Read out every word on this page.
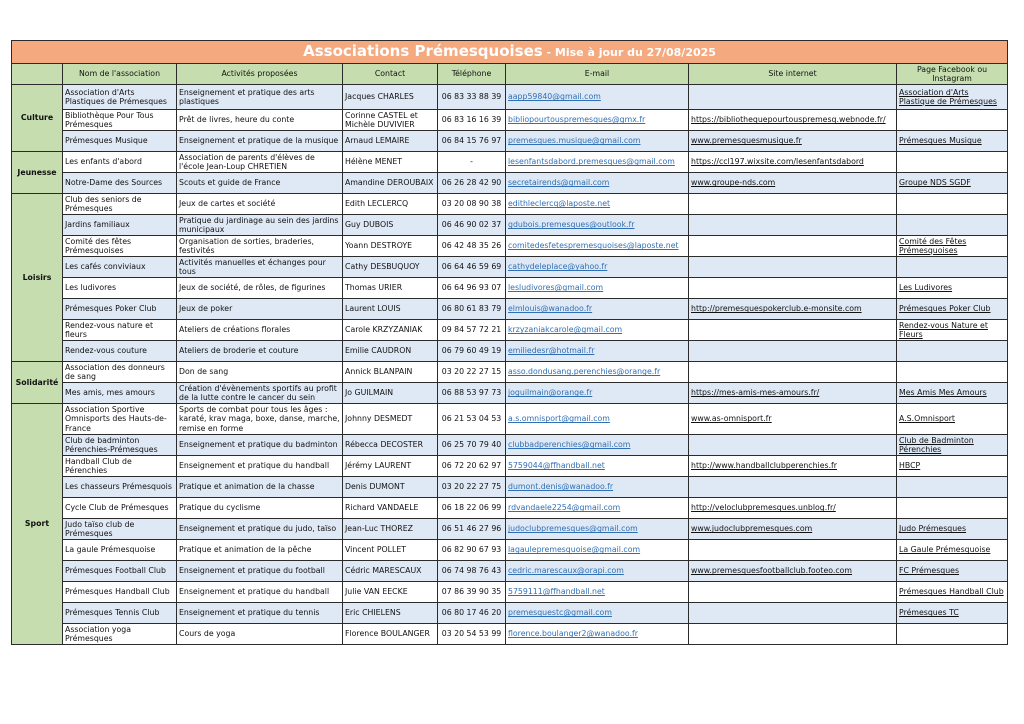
Associations Prémesquoises - Mise à jour du 27/08/2025							
	Nom de l'association	Activités proposées	Contact	Téléphone	E-mail	Site internet	Page Facebook ou Instagram
Culture	Association d'Arts Plastiques de Prémesques	Enseignement et pratique des arts plastiques	Jacques CHARLES	06 83 33 88 39	aapp59840@gmail.com		Association d'Arts Plastique de Prémesques
	Bibliothèque Pour Tous Prémesques	Prêt de livres, heure du conte	Corinne CASTEL et Michèle DUVIVIER	06 83 16 16 39	bibliopourtouspremesques@gmx.fr	https://bibliothequepourtouspremesq.webnode.fr/	
	Prémesques Musique	Enseignement et pratique de la musique	Arnaud LEMAIRE	06 84 15 76 97	premesques.musique@gmail.com	www.premesquesmusique.fr	Prémesques Musique
Jeunesse	Les enfants d'abord	Association de parents d'élèves de l'école Jean-Loup CHRETIEN	Hélène MENET	-	lesenfantsdabord.premesques@gmail.com	https://ccl197.wixsite.com/lesenfantsdabord	
	Notre-Dame des Sources	Scouts et guide de France	Amandine DEROUBAIX	06 26 28 42 90	secretairends@gmail.com	www.groupe-nds.com	Groupe NDS SGDF
Loisirs	Club des seniors de Prémesques	Jeux de cartes et société	Edith LECLERCQ	03 20 08 90 38	edithleclercq@laposte.net		
	Jardins familiaux	Pratique du jardinage au sein des jardins municipaux	Guy DUBOIS	06 46 90 02 37	gdubois.premesques@outlook.fr		
	Comité des fêtes Prémesquoises	Organisation de sorties, braderies, festivités	Yoann DESTROYE	06 42 48 35 26	comitedesfetespremesquoises@laposte.net		Comité des Fêtes Prémesquoises
	Les cafés conviviaux	Activités manuelles et échanges pour tous	Cathy DESBUQUOY	06 64 46 59 69	cathydeleplace@yahoo.fr		
	Les ludivores	Jeux de société, de rôles, de figurines	Thomas URIER	06 64 96 93 07	lesludivores@gmail.com		Les Ludivores
	Prémesques Poker Club	Jeux de poker	Laurent LOUIS	06 80 61 83 79	elmlouis@wanadoo.fr	http://premesquespokerclub.e-monsite.com	Prémesques Poker Club
	Rendez-vous nature et fleurs	Ateliers de créations florales	Carole KRZYZANIAK	09 84 57 72 21	krzyzaniakcarole@gmail.com		Rendez-vous Nature et Fleurs
	Rendez-vous couture	Ateliers de broderie et couture	Emilie CAUDRON	06 79 60 49 19	emiliedesr@hotmail.fr		
Solidarité	Association des donneurs de sang	Don de sang	Annick BLANPAIN	03 20 22 27 15	asso.dondusang.perenchies@orange.fr		
	Mes amis, mes amours	Création d'évènements sportifs au profit de la lutte contre le cancer du sein	Jo GUILMAIN	06 88 53 97 73	joguilmain@orange.fr	https://mes-amis-mes-amours.fr/	Mes Amis Mes Amours
Sport	Association Sportive Omnisports des Hauts-de-France	Sports de combat pour tous les âges : karaté, krav maga, boxe, danse, marche, remise en forme	Johnny DESMEDT	06 21 53 04 53	a.s.omnisport@gmail.com	www.as-omnisport.fr	A.S.Omnisport
	Club de badminton Pérenchies-Prémesques	Enseignement et pratique du badminton	Rébecca DECOSTER	06 25 70 79 40	clubbadperenchies@gmail.com		Club de Badminton Pérenchies
	Handball Club de Pérenchies	Enseignement et pratique du handball	Jérémy LAURENT	06 72 20 62 97	5759044@ffhandball.net	http://www.handballclubperenchies.fr	HBCP
	Les chasseurs Prémesquois	Pratique et animation de la chasse	Denis DUMONT	03 20 22 27 75	dumont.denis@wanadoo.fr		
	Cycle Club de Prémesques	Pratique du cyclisme	Richard VANDAELE	06 18 22 06 99	rdvandaele2254@gmail.com	http://veloclubpremesques.unblog.fr/	
	Judo taïso club de Prémesques	Enseignement et pratique du judo, taïso	Jean-Luc THOREZ	06 51 46 27 96	judoclubpremesques@gmail.com	www.judoclubpremesques.com	Judo Prémesques
	La gaule Prémesquoise	Pratique et animation de la pêche	Vincent POLLET	06 82 90 67 93	lagaulepremesquoise@gmail.com		La Gaule Prémesquoise
	Prémesques Football Club	Enseignement et pratique du football	Cédric MARESCAUX	06 74 98 76 43	cedric.marescaux@orapi.com	www.premesquesfootballclub.footeo.com	FC Prémesques
	Prémesques Handball Club	Enseignement et pratique du handball	Julie VAN EECKE	07 86 39 90 35	5759111@ffhandball.net		Prémesques Handball Club
	Prémesques Tennis Club	Enseignement et pratique du tennis	Eric CHIELENS	06 80 17 46 20	premesquestc@gmail.com		Prémesques TC
	Association yoga Prémesques	Cours de yoga	Florence BOULANGER	03 20 54 53 99	florence.boulanger2@wanadoo.fr		
